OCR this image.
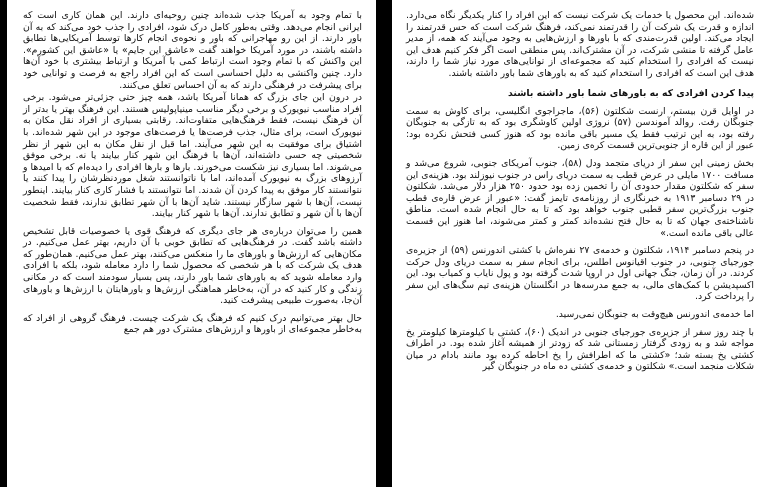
با تمام وجود به آمریکا جذب شده‌اند چنین روحیه‌ای دارند. این همان کاری است که ایرانی انجام می‌دهد. وقتی به‌طور کامل درک شود، افرادی را جذب خود می‌کند که به آن باور دارند. از این رو مهاجرانی که باور و نحوه‌ی انجام کارها توسط آمریکایی‌ها تطابق داشته باشند، در مورد آمریکا خواهند گفت «عاشق این جایم» یا «عاشق این کشورم». این واکنش که با تمام وجود است ارتباط کمی با آمریکا و ارتباط بیشتری با خود آن‌ها دارد. چنین واکنشی به دلیل احساسی است که این افراد راجع به فرصت و توانایی خود برای پیشرفت در فرهنگی دارند که به آن احساس تعلق می‌کنند.

در درون این جای بزرگ که همانا آمریکا باشد، همه چیز حتی جزئی‌تر می‌شود. برخی افراد مناسب نیویورک و برخی دیگر مناسب مینیاپولیس هستند. این فرهنگ بهتر یا بدتر از آن فرهنگ نیست، فقط فرهنگ‌هایی متفاوت‌اند. رقابتی بسیاری از افراد نقل مکان به نیویورک است، برای مثال، جذب فرصت‌ها یا فرصت‌های موجود در این شهر شده‌اند. با اشتیاق برای موفقیت به این شهر می‌آیند. اما قبل از نقل مکان به این شهر از نظر شخصیتی چه حسی داشته‌اند، آن‌ها با فرهنگ این شهر کنار بیایند یا نه. برخی موفق می‌شوند. اما بسیاری نیز شکست می‌خورند. بارها و بارها افرادی را دیده‌ام که با امیدها و آرزوهای بزرگ به نیویورک آمده‌اند، اما با ناتوانستند شغل موردنظرشان را پیدا کنند یا نتوانستند کار موفق به پیدا کردن آن شدند. اما نتوانستند با فشار کاری کنار بیایند. اینطور نیست، آن‌ها با شهر سازگار نیستند. شاید آن‌ها با آن شهر تطابق ندارند، فقط شخصیت آن‌ها با آن شهر و تطابق ندارند. آن‌ها با شهر کنار بیایند.

همین را می‌توان درباره‌ی هر جای دیگری که فرهنگ قوی یا خصوصیات قابل تشخیص داشته باشد گفت. در فرهنگ‌هایی که تطابق خوبی با آن داریم، بهتر عمل می‌کنیم. در مکان‌هایی که ارزش‌ها و باورهای ما را منعکس می‌کنند، بهتر عمل می‌کنیم. همان‌طور که هدف یک شرکت که با هر شخصی که محصول شما را دارد معامله شود، بلکه با افرادی وارد معامله شوید که به باورهای شما باور دارند، پس بسیار سودمند است که در مکانی زندگی و کار کنید که در آن، به‌خاطر هماهنگی ارزش‌ها و باورهایتان با ارزش‌ها و باورهای آن‌جا، به‌صورت طبیعی پیشرفت کنید.

حال بهتر می‌توانیم درک کنیم که فرهنگ یک شرکت چیست. فرهنگ گروهی از افراد که به‌خاطر مجموعه‌ای از باورها و ارزش‌های مشترک دور هم جمع

شده‌اند. این محصول یا خدمات یک شرکت نیست که این افراد را کنار یکدیگر نگاه می‌دارد. اندازه و قدرت یک شرکت آن را قدرتمند نمی‌کند، فرهنگ شرکت است که حس قدرتمند را ایجاد می‌کند. اولین قدرت‌مندی که با باورها و ارزش‌هایی به وجود می‌آیند که همه، از مدیر عامل گرفته تا منشی شرکت، در آن مشترک‌اند. پس منطقی است اگر فکر کنیم هدف این نیست که افرادی را استخدام کنید که مجموعه‌ای از توانایی‌های مورد نیاز شما را دارند، هدف این است که افرادی را استخدام کنید که به باورهای شما باور داشته باشند.

پیدا کردن افرادی که به باورهای شما باور داشته باشند

در اوایل قرن بیستم، ارنست شکلتون (۵۶)، ماجراجوی انگلیسی، برای کاوش به سمت جنوبگان رفت. روالد آموندسن (۵۷) نروژی اولین کاوشگری بود که به تازگی به جنوبگان رفته بود، به این ترتیب فقط یک مسیر باقی مانده بود که هنوز کسی فتحش نکرده بود: عبور از این قاره از جنوبی‌ترین قسمت کره‌ی زمین.

بخش زمینی این سفر از دریای متجمد ودل (۵۸)، جنوب آمریکای جنوبی، شروع می‌شد و مسافت ۱۷۰۰ مایلی در عرض قطب به سمت دریای راس در جنوب نیوزلند بود. هزینه‌ی این سفر که شکلتون مقدار حدودی آن را تخمین زده بود حدود ۲۵۰ هزار دلار می‌شد. شکلتون در ۲۹ دسامبر ۱۹۱۳ به خبرنگاری از روزنامه‌ی تایمز گفت: «عبور از عرض قاره‌ی قطب جنوب بزرگ‌ترین سفر قطبی جنوب خواهد بود که تا به حال انجام شده است. مناطق ناشناخته‌ی جهان که تا به حال فتح نشده‌اند کمتر و کمتر می‌شوند، اما هنوز این قسمت عالی باقی مانده است.»

در پنجم دسامبر ۱۹۱۴، شکلتون و خدمه‌ی ۲۷ نفره‌اش با کشتی اندورنس (۵۹) از جزیره‌ی جورجیای جنوبی، در جنوب اقیانوس اطلس، برای انجام سفر به سمت دریای ودل حرکت کردند. در آن زمان، جنگ جهانی اول در اروپا شدت گرفته بود و پول نایاب و کمیاب بود. این اکسپدیشن با کمک‌های مالی، به جمع مدرسه‌ها در انگلستان هزینه‌ی تیم سگ‌های این سفر را پرداخت کرد.

اما خدمه‌ی اندورنس هیچ‌وقت به جنوبگان نمی‌رسید.

با چند روز سفر از جزیره‌ی جورجیای جنوبی در اندیک (۶۰)، کشتی با کیلومترها کیلومتر یخ مواجه شد و به زودی گرفتار زمستانی شد که زودتر از همیشه آغاز شده بود. در اطراف کشتی یخ بسته شد؛ «کشتی ما که اطرافش را یخ احاطه کرده بود مانند بادام در میان شکلات منجمد است.» شکلتون و خدمه‌ی کشتی ده ماه در جنوبگان گیر
